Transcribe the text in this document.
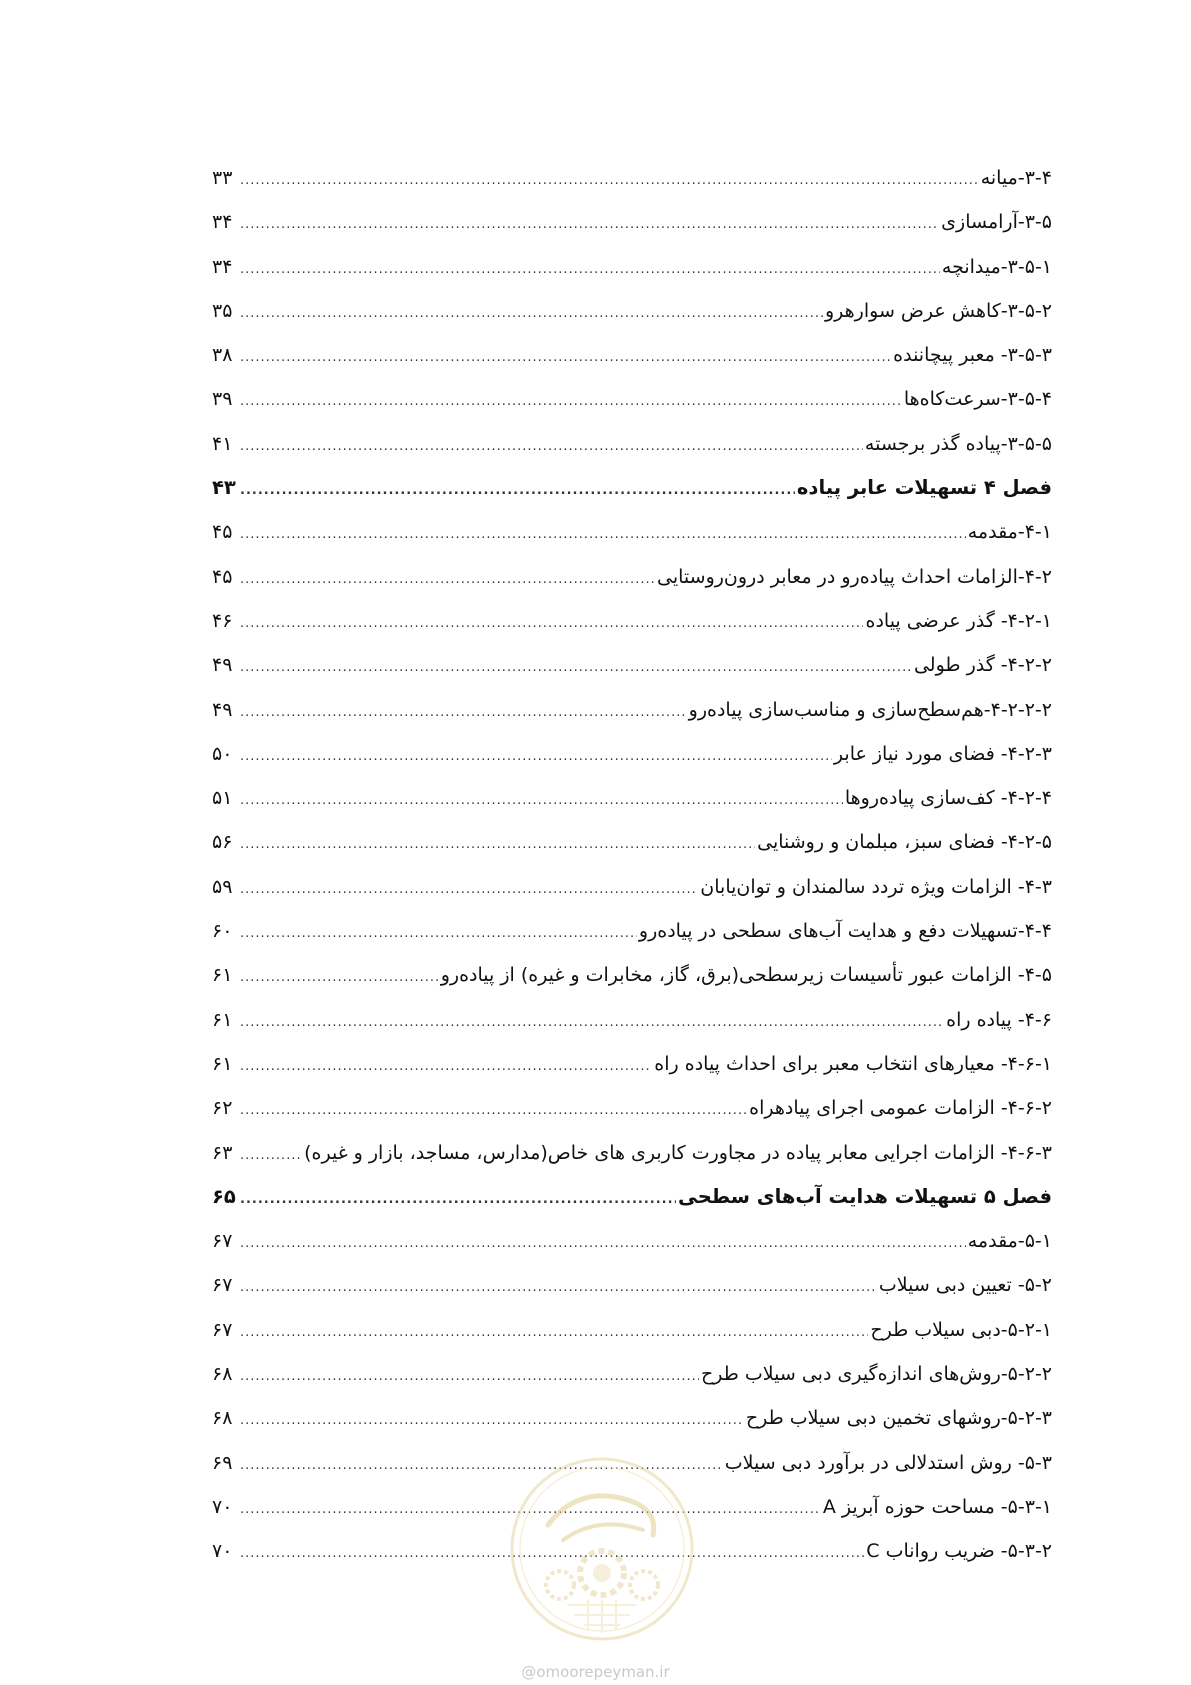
۳-۴-میانه
.....
۳۳
۳-۵-آرامسازی
.....
۳۴
۳-۵-۱-میدانچه
.....
۳۴
۳-۵-۲-کاهش عرض سوارهرو
.....
۳۵
۳-۵-۳- معبر پیچاننده
.....
۳۸
۳-۵-۴-سرعت‌کاه‌ها
.....
۳۹
۳-۵-۵-پیاده گذر برجسته
.....
۴۱
فصل ۴ تسهیلات عابر پیاده
.....
۴۳
۴-۱-مقدمه
.....
۴۵
۴-۲-الزامات احداث پیاده‌رو در معابر درون‌روستایی
.....
۴۵
۴-۲-۱- گذر عرضی پیاده
.....
۴۶
۴-۲-۲- گذر طولی
.....
۴۹
۴-۲-۲-۲-هم‌سطح‌سازی و مناسب‌سازی پیاده‌رو
.....
۴۹
۴-۲-۳- فضای مورد نیاز عابر
.....
۵۰
۴-۲-۴- کف‌سازی پیاده‌روها
.....
۵۱
۴-۲-۵- فضای سبز، مبلمان و روشنایی
.....
۵۶
۴-۳- الزامات ویژه تردد سالمندان و توان‌یابان
.....
۵۹
۴-۴-تسهیلات دفع و هدایت آب‌های سطحی در پیاده‌رو
.....
۶۰
۴-۵- الزامات عبور تأسیسات زیرسطحی(برق، گاز، مخابرات و غیره) از پیاده‌رو
.....
۶۱
۴-۶- پیاده راه
.....
۶۱
۴-۶-۱- معیارهای انتخاب معبر برای احداث پیاده راه
.....
۶۱
۴-۶-۲- الزامات عمومی اجرای پیادهراه
.....
۶۲
۴-۶-۳- الزامات اجرایی معابر پیاده در مجاورت کاربری های خاص(مدارس، مساجد، بازار و غیره)
.....
۶۳
فصل ۵ تسهیلات هدایت آب‌های سطحی
.....
۶۵
۵-۱-مقدمه
.....
۶۷
۵-۲- تعیین دبی سیلاب
.....
۶۷
۵-۲-۱-دبی سیلاب طرح
.....
۶۷
۵-۲-۲-روش‌های اندازه‌گیری دبی سیلاب طرح
.....
۶۸
۵-۲-۳-روشهای تخمین دبی سیلاب طرح
.....
۶۸
۵-۳- روش استدلالی در برآورد دبی سیلاب
.....
۶۹
۵-۳-۱- مساحت حوزه آبریز A
.....
۷۰
۵-۳-۲- ضریب رواناب C
.....
۷۰
@omoorepeyman.ir
